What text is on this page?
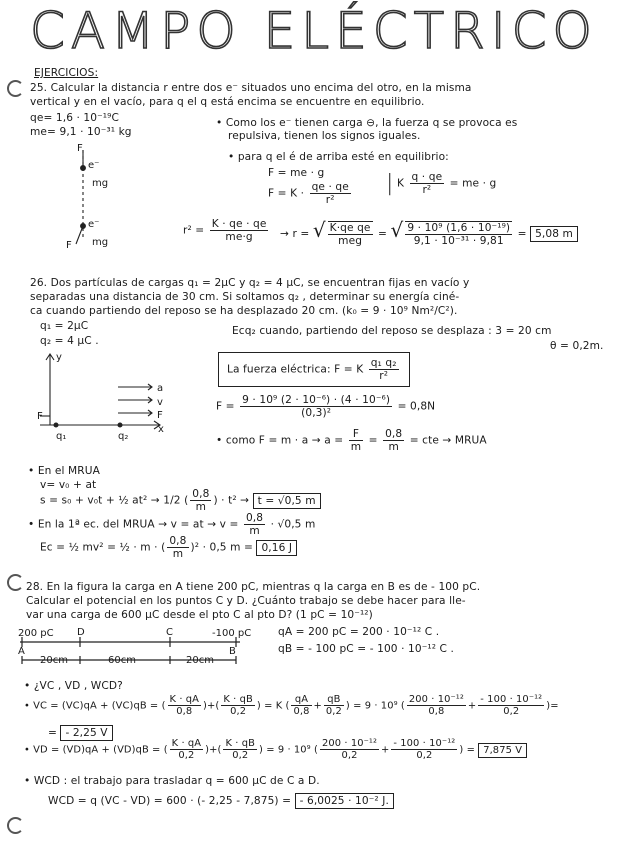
CAMPO ELÉCTRICO
EJERCICIOS:
25. Calcular la distancia r entre dos e⁻ situados uno encima del otro, en la misma
vertical y en el vacío, para q el q está encima se encuentre en equilibrio.
qe= 1,6 · 10⁻¹⁹C
me= 9,1 · 10⁻³¹ kg
• Como los e⁻ tienen carga ⊖, la fuerza q se provoca es
repulsiva, tienen los signos iguales.
• para q el é de arriba esté en equilibrio:
F = me · g
$F = K \cdot \frac{qe \cdot qe}{\text{r²}}$ | K $\frac{q \cdot qe}{\text{r²}}$ = me · g
F
e⁻
mg
e⁻
mg
F
$r^2 = \frac{K \cdot qe \cdot qe}{me\cdot g} \to r$ = √ $\frac{\text{K·qe qe}}{\text{meg}}$ = √ $\frac{\text{9 · 10⁹ (1,6 · 10⁻¹⁹)}}{\text{9,1 · 10⁻³¹ · 9,81}} = 5,08$ m
26. Dos partículas de cargas q₁ = 2μC y q₂ = 4 μC, se encuentran fijas en vacío y
separadas una distancia de 30 cm. Si soltamos q₂ , determinar su energía ciné-
ca cuando partiendo del reposo se ha desplazado 20 cm. (k₀ = 9 · 10⁹ Nm²/C²).
q₁ = 2μC
q₂ = 4 μC .
Ecq₂ cuando, partiendo del reposo se desplaza : 3 = 20 cm
θ = 0,2m.
La fuerza eléctrica: F = K $\frac{\text{q₁ q₂}}{\text{r²}}$
$F = \frac{\text{9 · 10⁹ (2 · 10⁻⁶) · (4 · 10⁻⁶)}}{\text{(0,3)²}} = 0,8N$
• como $F = m \cdot a \to a = \frac{F}{m} = \frac{0,8}{m}$ = cte → MRUA
y
x
F
q₁	q₂
a
v
F
• En el MRUA
v= v₀ + at
s = s₀ + v₀t + ½ at² → 1/2 ( $\frac{0,8}{m}$ ) · t² → t = √0,5 m
• En la 1ª ec. del MRUA → v = at → $v = \frac{0,8}{m} \cdot √0,5$ m
Ec = ½ mv² = ½ · m · ( $\frac{0,8}{m} )^2 \cdot 0,5$ m = 0,16 J
28. En la figura la carga en A tiene 200 pC, mientras q la carga en B es de - 100 pC.
Calcular el potencial en los puntos C y D. ¿Cuánto trabajo se debe hacer para lle-
var una carga de 600 μC desde el pto C al pto D? (1 pC = 10⁻¹²)
200 pC D	C	-100 pC
A	B
20cm	60cm	20cm
qA = 200 pC = 200 · 10⁻¹² C .
qB = - 100 pC = - 100 · 10⁻¹² C .
• ¿VC , VD , WCD?
• VC = (VC)qA + (VC)qB = ( $\frac{K \cdot qA}{0,8}$ )+( $\frac{K \cdot qB}{0,2}$ ) = K ( $\frac{qA}{0,8} + \frac{qB}{0,2}$ ) = 9 · 10⁹ ( $\frac{\text{200 · 10⁻¹²}}{0,8} + \frac{\text{- 100 · 10⁻¹²}}{0,2}$ )=
= - 2,25 V
• VD = (VD)qA + (VD)qB = ( $\frac{K \cdot qA}{0,2}$ )+( $\frac{K \cdot qB}{0,2}$ ) = 9 · 10⁹ ( $\frac{\text{200 · 10⁻¹²}}{0,2} + \frac{\text{- 100 · 10⁻¹²}}{0,2}$ ) = 7,875 V
• WCD : el trabajo para trasladar q = 600 μC de C a D.
WCD = q (VC - VD) = 600 · (- 2,25 - 7,875) = - 6,0025 · 10⁻² J.
